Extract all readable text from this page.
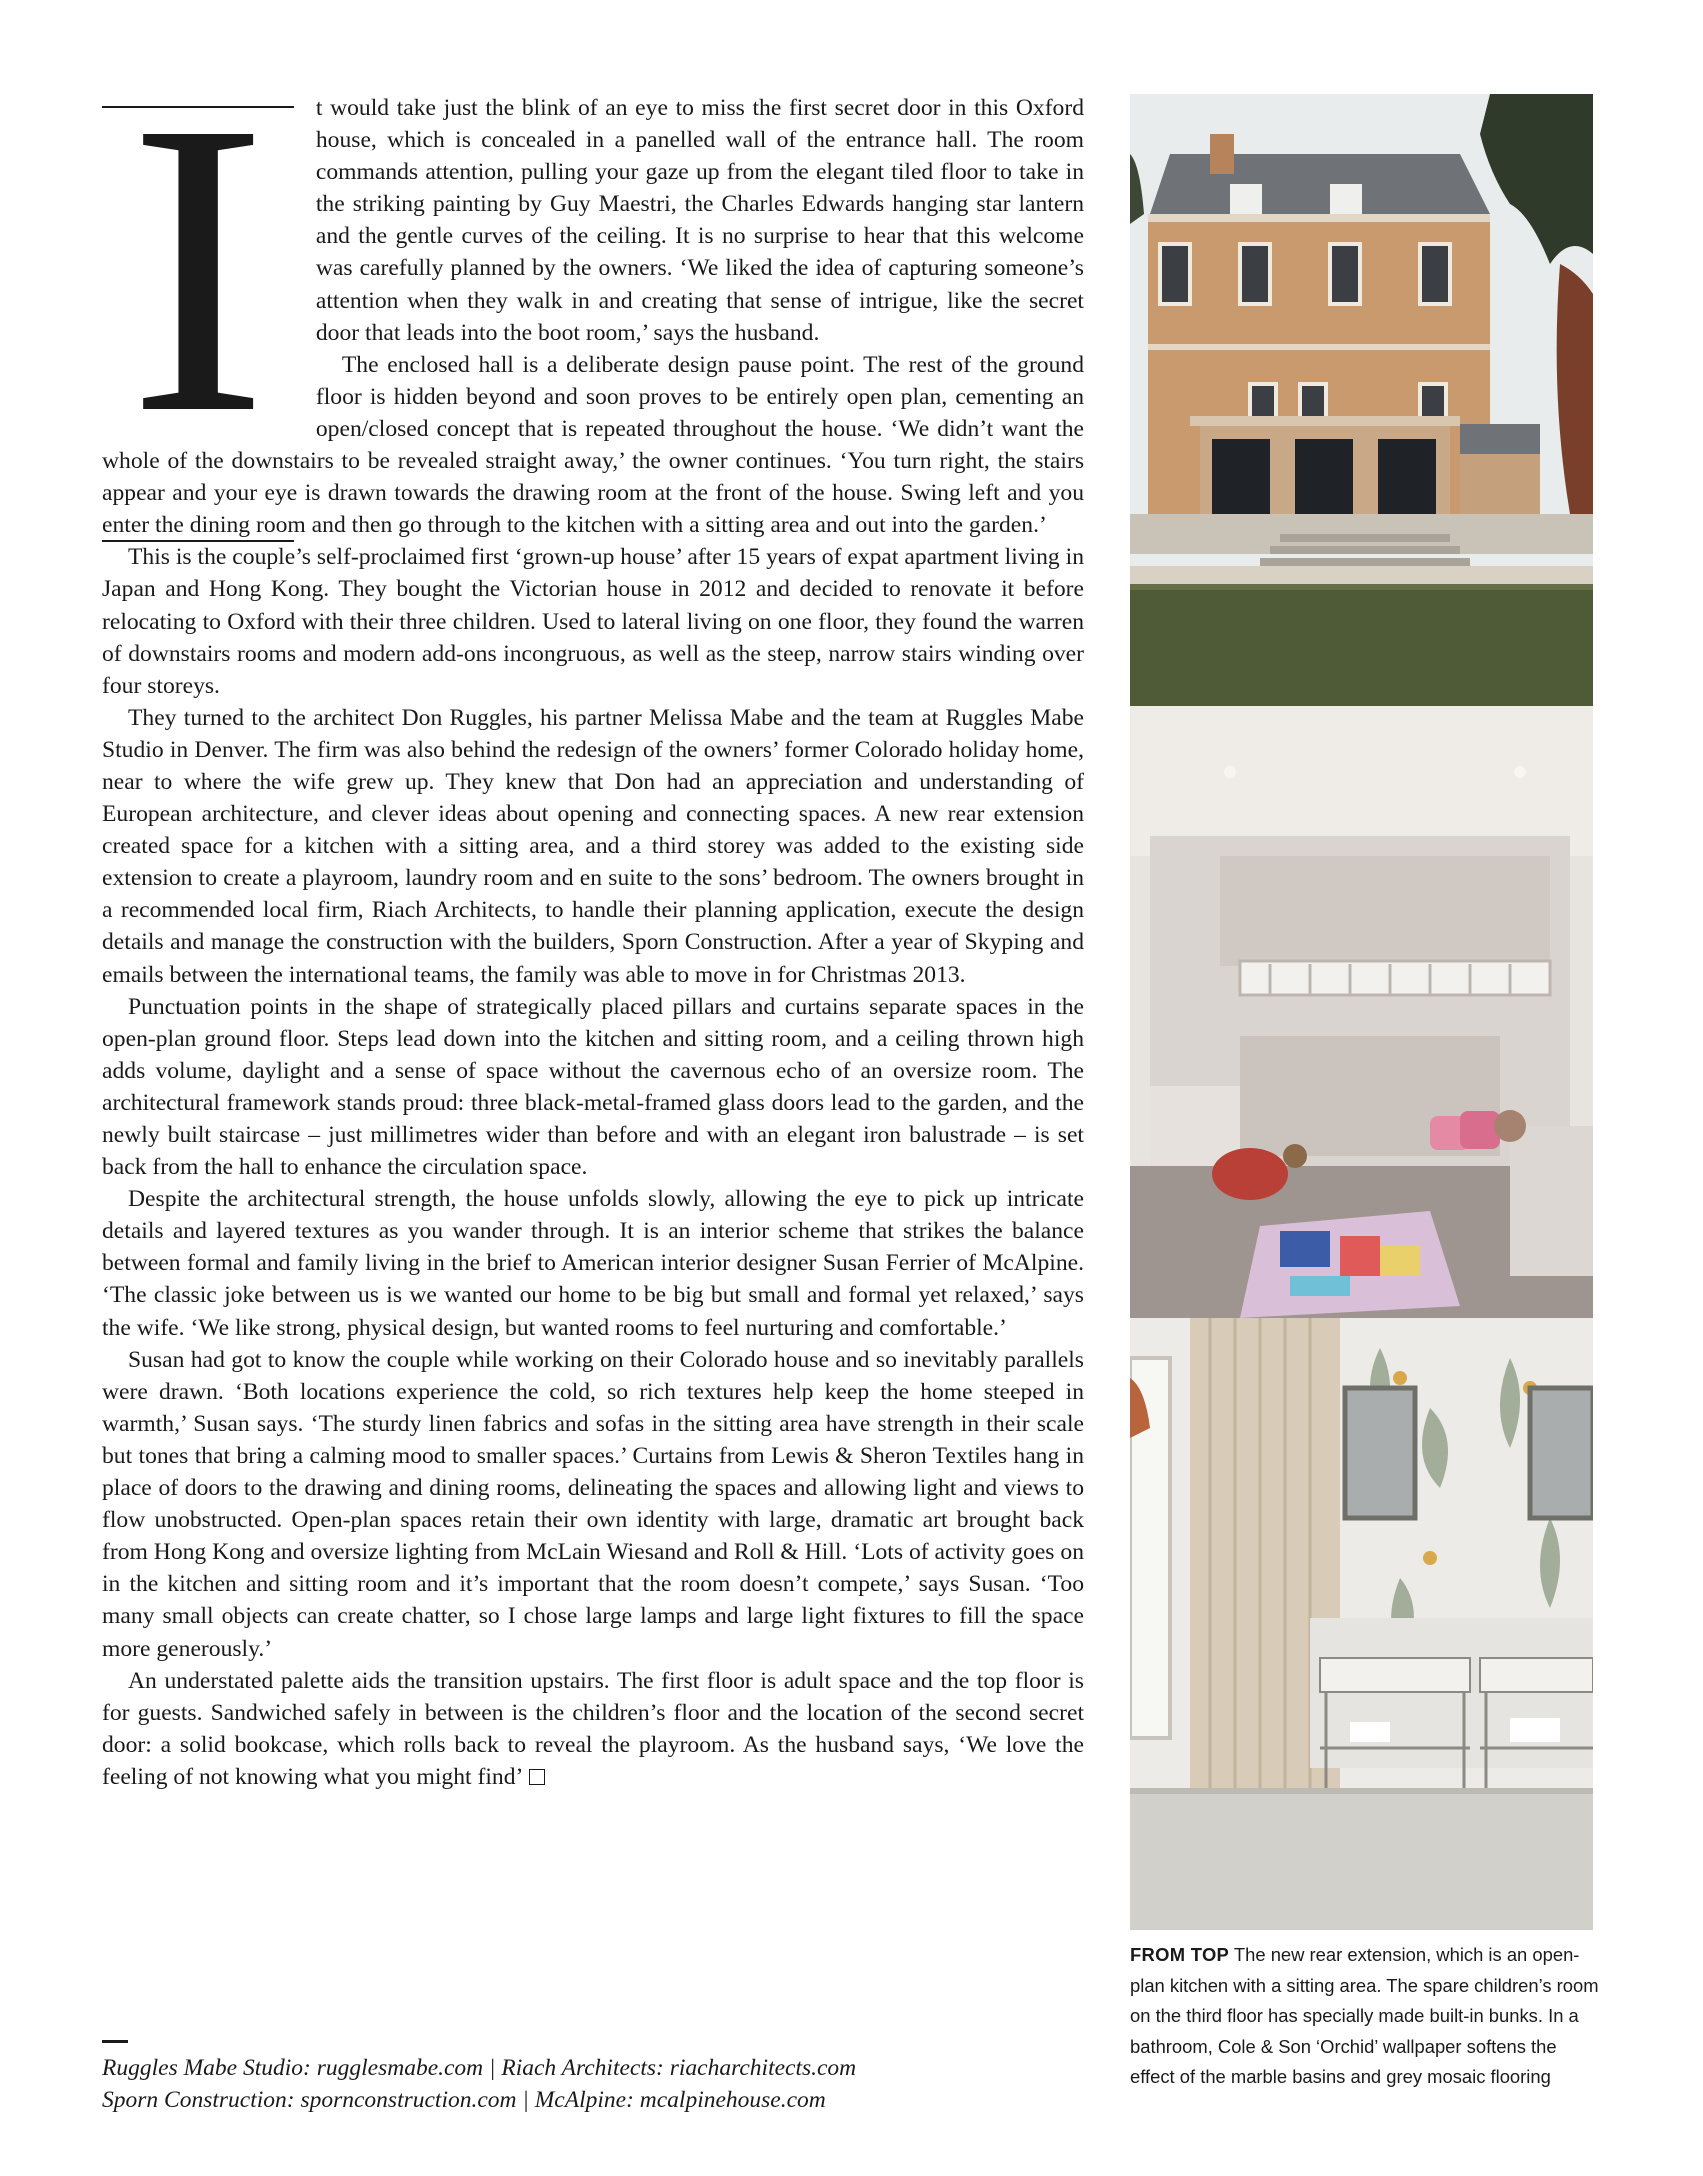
I	t would take just the blink of an eye to miss the first secret door in this Oxford house, which is concealed in a panelled wall of the entrance hall. The room commands attention, pulling your gaze up from the elegant tiled floor to take in the striking painting by Guy Maestri, the Charles Edwards hanging star lantern and the gentle curves of the ceiling. It is no surprise to hear that this welcome was carefully planned by the owners. ‘We liked the idea of capturing someone’s attention when they walk in and creating that sense of intrigue, like the secret door that leads into the boot room,’ says the husband.

The enclosed hall is a deliberate design pause point. The rest of the ground floor is hidden beyond and soon proves to be entirely open plan, cementing an open/closed concept that is repeated throughout the house. ‘We didn’t want the whole of the downstairs to be revealed straight away,’ the owner continues. ‘You turn right, the stairs appear and your eye is drawn towards the drawing room at the front of the house. Swing left and you enter the dining room and then go through to the kitchen with a sitting area and out into the garden.’

This is the couple’s self-proclaimed first ‘grown-up house’ after 15 years of expat apartment living in Japan and Hong Kong. They bought the Victorian house in 2012 and decided to renovate it before relocating to Oxford with their three children. Used to lateral living on one floor, they found the warren of downstairs rooms and modern add-ons incongruous, as well as the steep, narrow stairs winding over four storeys.

They turned to the architect Don Ruggles, his partner Melissa Mabe and the team at Ruggles Mabe Studio in Denver. The firm was also behind the redesign of the owners’ former Colorado holiday home, near to where the wife grew up. They knew that Don had an appreciation and understanding of European architecture, and clever ideas about opening and connecting spaces. A new rear extension created space for a kitchen with a sitting area, and a third storey was added to the existing side extension to create a playroom, laundry room and en suite to the sons’ bedroom. The owners brought in a recommended local firm, Riach Architects, to handle their planning application, execute the design details and manage the construction with the builders, Sporn Construction. After a year of Skyping and emails between the international teams, the family was able to move in for Christmas 2013.

Punctuation points in the shape of strategically placed pillars and curtains separate spaces in the open-plan ground floor. Steps lead down into the kitchen and sitting room, and a ceiling thrown high adds volume, daylight and a sense of space without the cavernous echo of an oversize room. The architectural framework stands proud: three black-metal-framed glass doors lead to the garden, and the newly built staircase – just millimetres wider than before and with an elegant iron balustrade – is set back from the hall to enhance the circulation space.

Despite the architectural strength, the house unfolds slowly, allowing the eye to pick up intricate details and layered textures as you wander through. It is an interior scheme that strikes the balance between formal and family living in the brief to American interior designer Susan Ferrier of McAlpine. ‘The classic joke between us is we wanted our home to be big but small and formal yet relaxed,’ says the wife. ‘We like strong, physical design, but wanted rooms to feel nurturing and comfortable.’

Susan had got to know the couple while working on their Colorado house and so inevitably parallels were drawn. ‘Both locations experience the cold, so rich textures help keep the home steeped in warmth,’ Susan says. ‘The sturdy linen fabrics and sofas in the sitting area have strength in their scale but tones that bring a calming mood to smaller spaces.’ Curtains from Lewis & Sheron Textiles hang in place of doors to the drawing and dining rooms, delineating the spaces and allowing light and views to flow unobstructed. Open-plan spaces retain their own identity with large, dramatic art brought back from Hong Kong and oversize lighting from McLain Wiesand and Roll & Hill. ‘Lots of activity goes on in the kitchen and sitting room and it’s important that the room doesn’t compete,’ says Susan. ‘Too many small objects can create chatter, so I chose large lamps and large light fixtures to fill the space more generously.’

An understated palette aids the transition upstairs. The first floor is adult space and the top floor is for guests. Sandwiched safely in between is the children’s floor and the location of the second secret door: a solid bookcase, which rolls back to reveal the playroom. As the husband says, ‘We love the feeling of not knowing what you might find’

Ruggles Mabe Studio: rugglesmabe.com | Riach Architects: riacharchitects.com
Sporn Construction: spornconstruction.com | McAlpine: mcalpinehouse.com
FROM TOP The new rear extension, which is an open-plan kitchen with a sitting area. The spare children’s room on the third floor has specially made built-in bunks. In a bathroom, Cole & Son ‘Orchid’ wallpaper softens the effect of the marble basins and grey mosaic flooring
